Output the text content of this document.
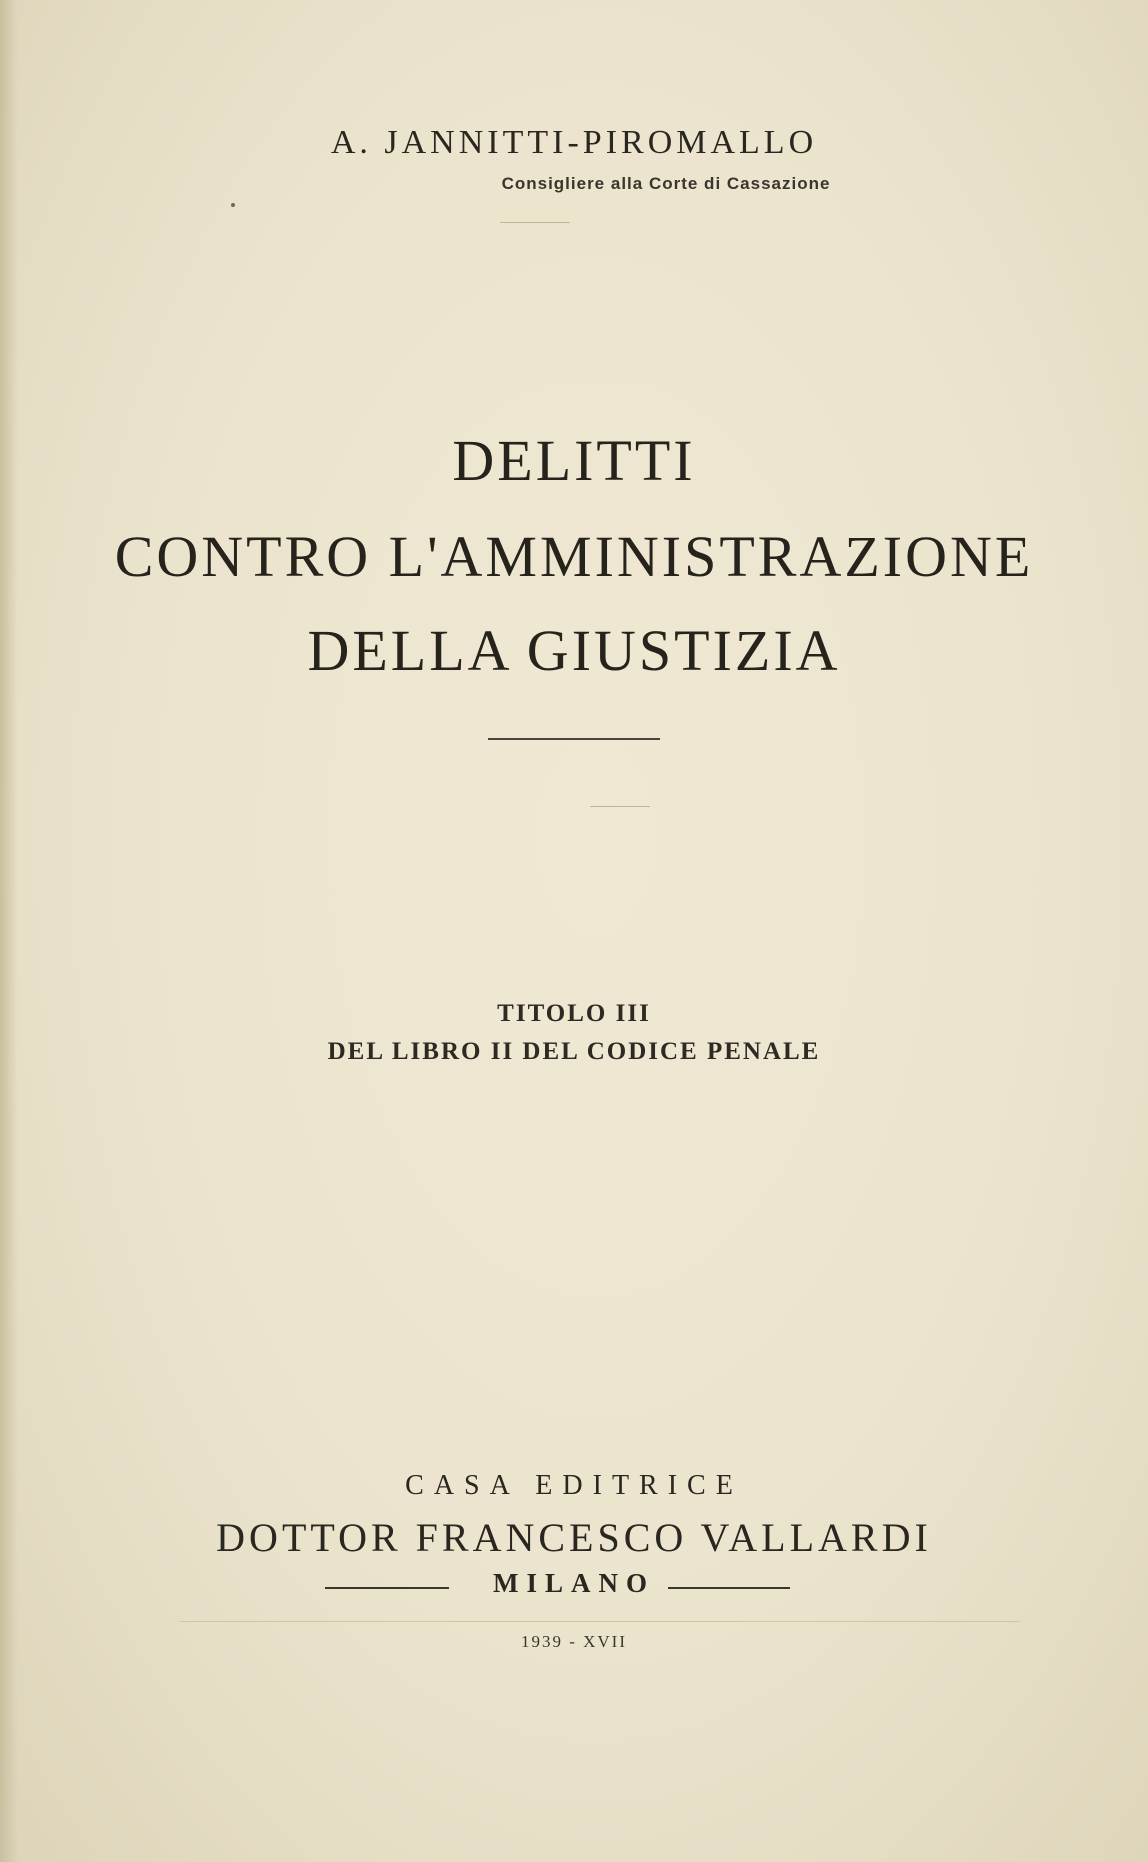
A. JANNITTI-PIROMALLO
Consigliere alla Corte di Cassazione
DELITTI
CONTRO L'AMMINISTRAZIONE
DELLA GIUSTIZIA
TITOLO III
DEL LIBRO II DEL CODICE PENALE
CASA EDITRICE
DOTTOR FRANCESCO VALLARDI
MILANO
1939 - XVII
